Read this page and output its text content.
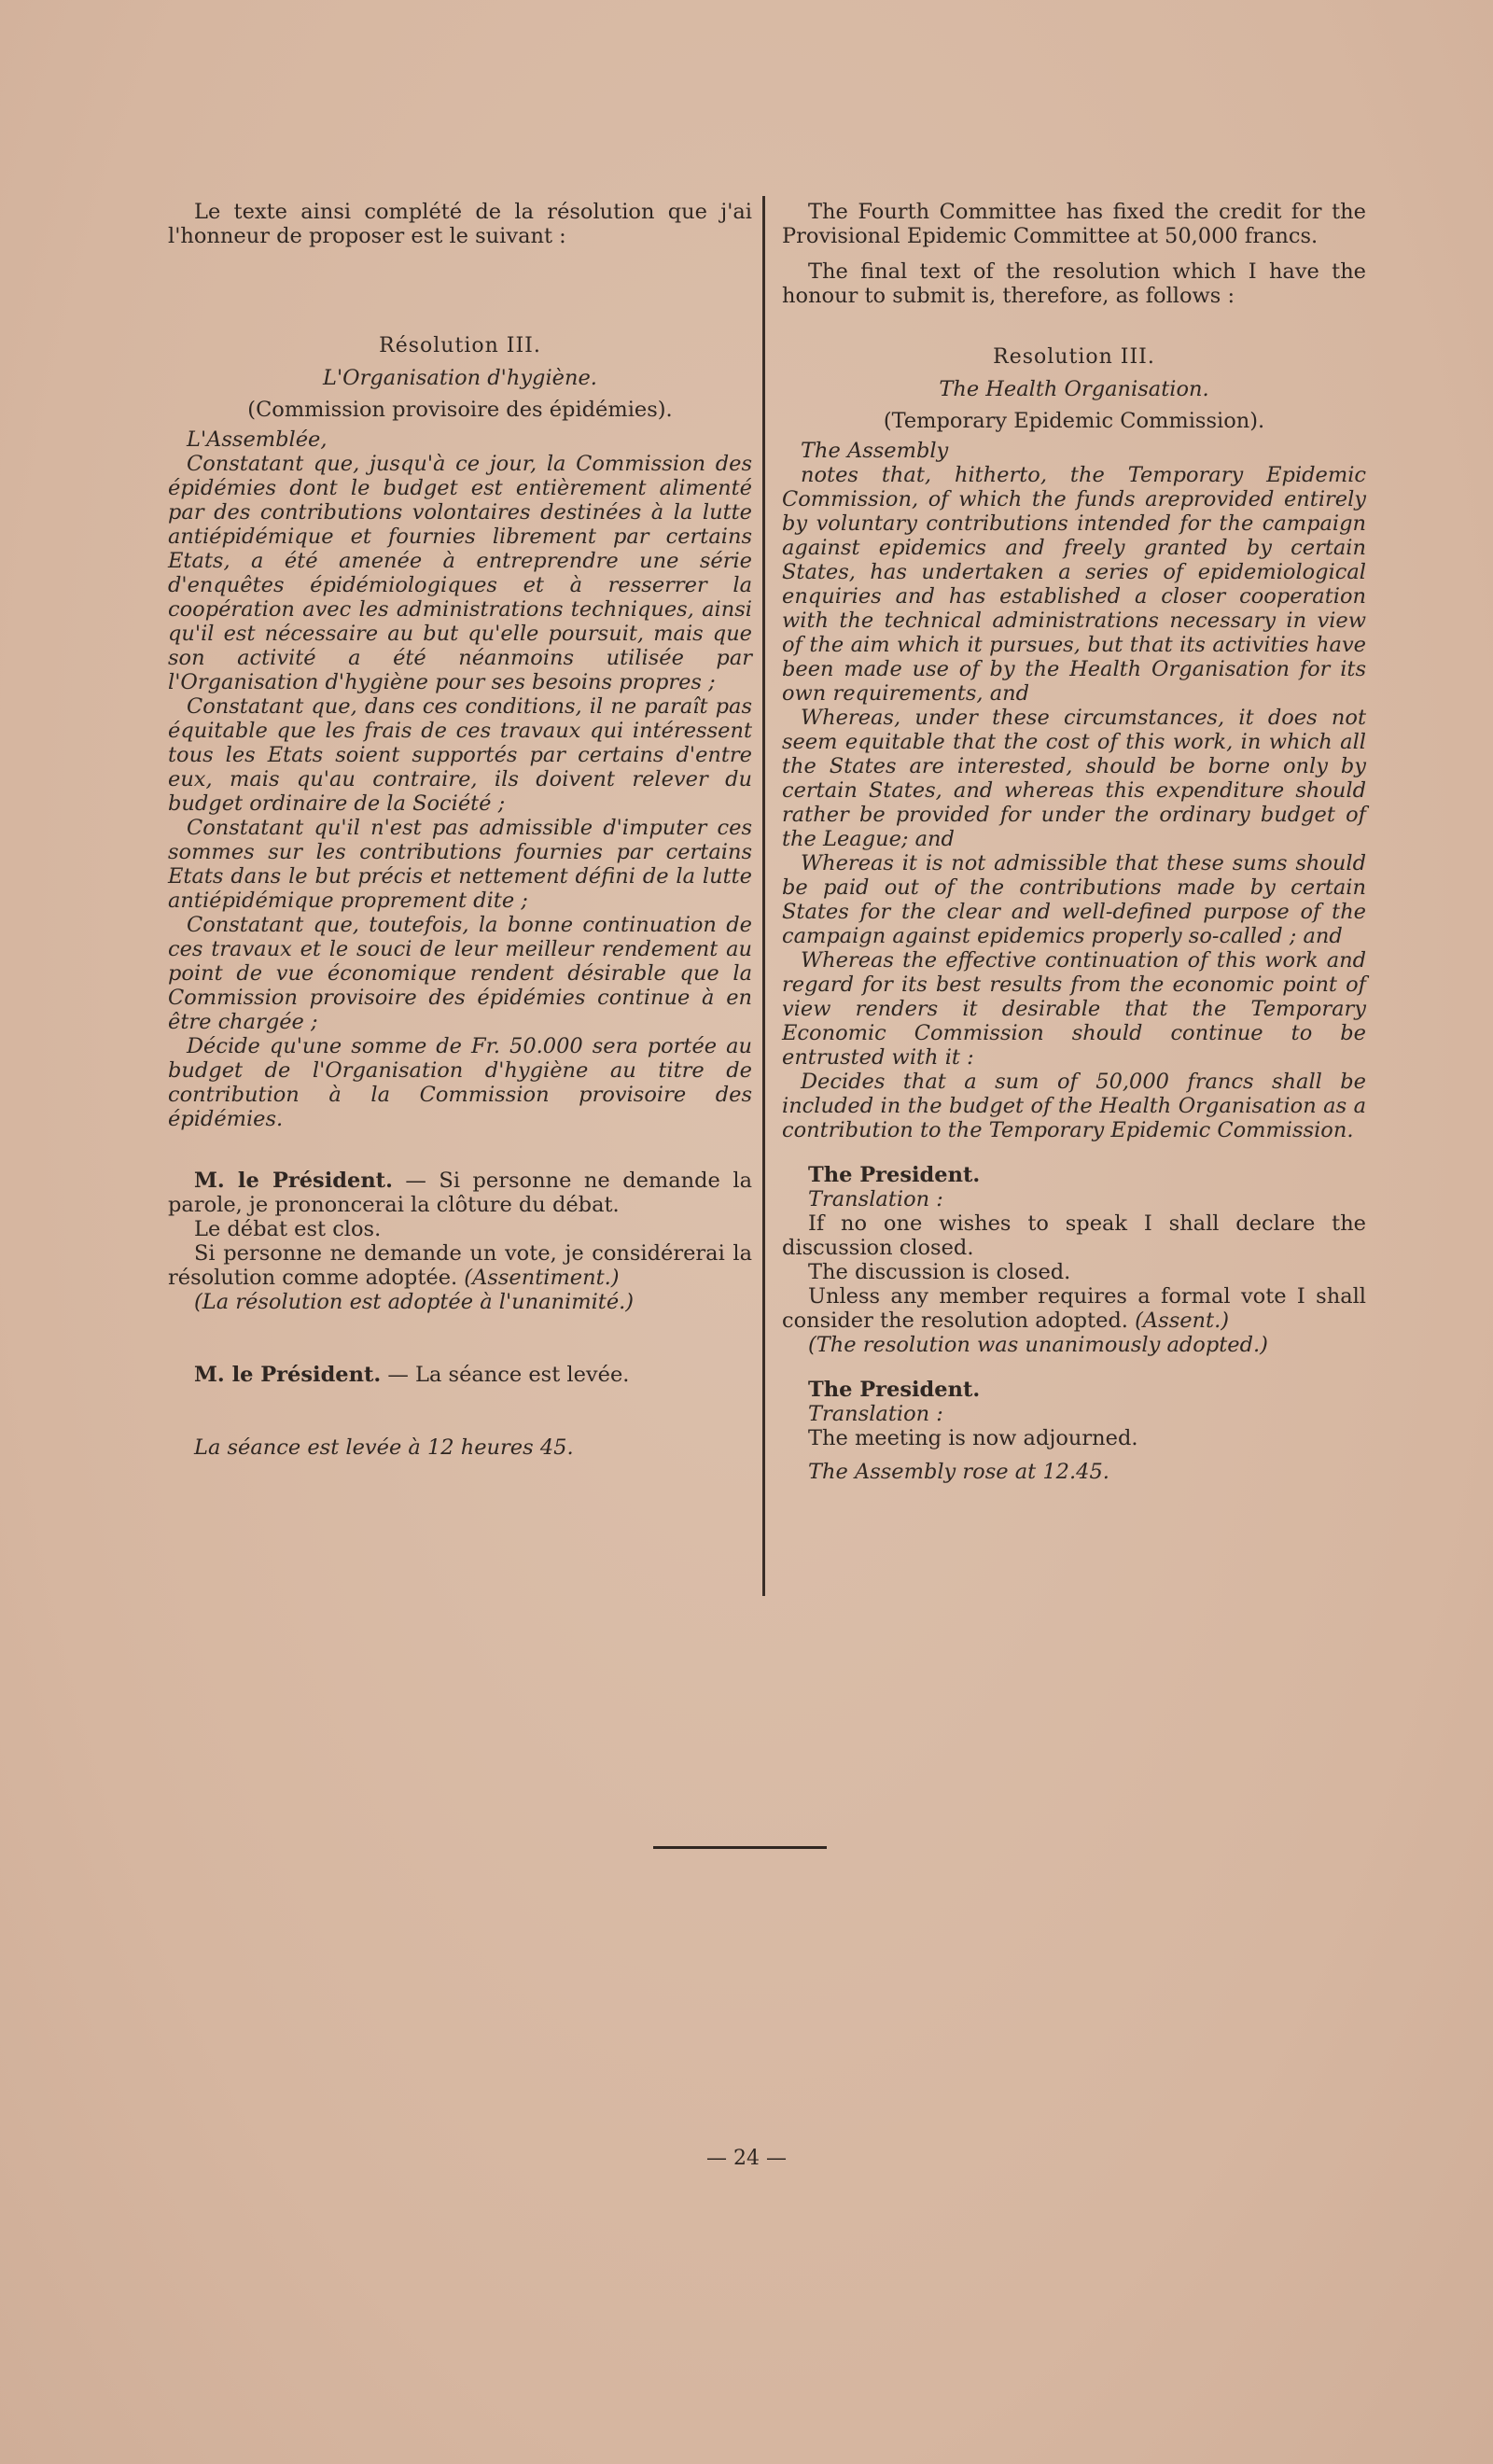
Le texte ainsi complété de la résolution que j'ai l'honneur de proposer est le suivant :

Résolution III.

L'Organisation d'hygiène.

(Commission provisoire des épidémies).

L'Assemblée,

Constatant que, jusqu'à ce jour, la Commission des épidémies dont le budget est entièrement alimenté par des contributions volontaires destinées à la lutte antiépidémique et fournies librement par certains Etats, a été amenée à entreprendre une série d'enquêtes épidémiologiques et à resserrer la coopération avec les administrations techniques, ainsi qu'il est nécessaire au but qu'elle poursuit, mais que son activité a été néanmoins utilisée par l'Organisation d'hygiène pour ses besoins propres ;

Constatant que, dans ces conditions, il ne paraît pas équitable que les frais de ces travaux qui intéressent tous les Etats soient supportés par certains d'entre eux, mais qu'au contraire, ils doivent relever du budget ordinaire de la Société ;

Constatant qu'il n'est pas admissible d'imputer ces sommes sur les contributions fournies par certains Etats dans le but précis et nettement défini de la lutte antiépidémique proprement dite ;

Constatant que, toutefois, la bonne continuation de ces travaux et le souci de leur meilleur rendement au point de vue économique rendent désirable que la Commission provisoire des épidémies continue à en être chargée ;

Décide qu'une somme de Fr. 50.000 sera portée au budget de l'Organisation d'hygiène au titre de contribution à la Commission provisoire des épidémies.

M. le Président. — Si personne ne demande la parole, je prononcerai la clôture du débat.

Le débat est clos.

Si personne ne demande un vote, je considérerai la résolution comme adoptée. (Assentiment.)

(La résolution est adoptée à l'unanimité.)

M. le Président. — La séance est levée.

La séance est levée à 12 heures 45.

The Fourth Committee has fixed the credit for the Provisional Epidemic Committee at 50,000 francs.

The final text of the resolution which I have the honour to submit is, therefore, as follows :

Resolution III.

The Health Organisation.

(Temporary Epidemic Commission).

The Assembly

notes that, hitherto, the Temporary Epidemic Commission, of which the funds areprovided entirely by voluntary contributions intended for the campaign against epidemics and freely granted by certain States, has undertaken a series of epidemiological enquiries and has established a closer cooperation with the technical administrations necessary in view of the aim which it pursues, but that its activities have been made use of by the Health Organisation for its own requirements, and

Whereas, under these circumstances, it does not seem equitable that the cost of this work, in which all the States are interested, should be borne only by certain States, and whereas this expenditure should rather be provided for under the ordinary budget of the League; and

Whereas it is not admissible that these sums should be paid out of the contributions made by certain States for the clear and well-defined purpose of the campaign against epidemics properly so-called ; and

Whereas the effective continuation of this work and regard for its best results from the economic point of view renders it desirable that the Temporary Economic Commission should continue to be entrusted with it :

Decides that a sum of 50,000 francs shall be included in the budget of the Health Organisation as a contribution to the Temporary Epidemic Commission.

The President.

Translation :

If no one wishes to speak I shall declare the discussion closed.

The discussion is closed.

Unless any member requires a formal vote I shall consider the resolution adopted. (Assent.)

(The resolution was unanimously adopted.)

The President.

Translation :

The meeting is now adjourned.

The Assembly rose at 12.45.

— 24 —
